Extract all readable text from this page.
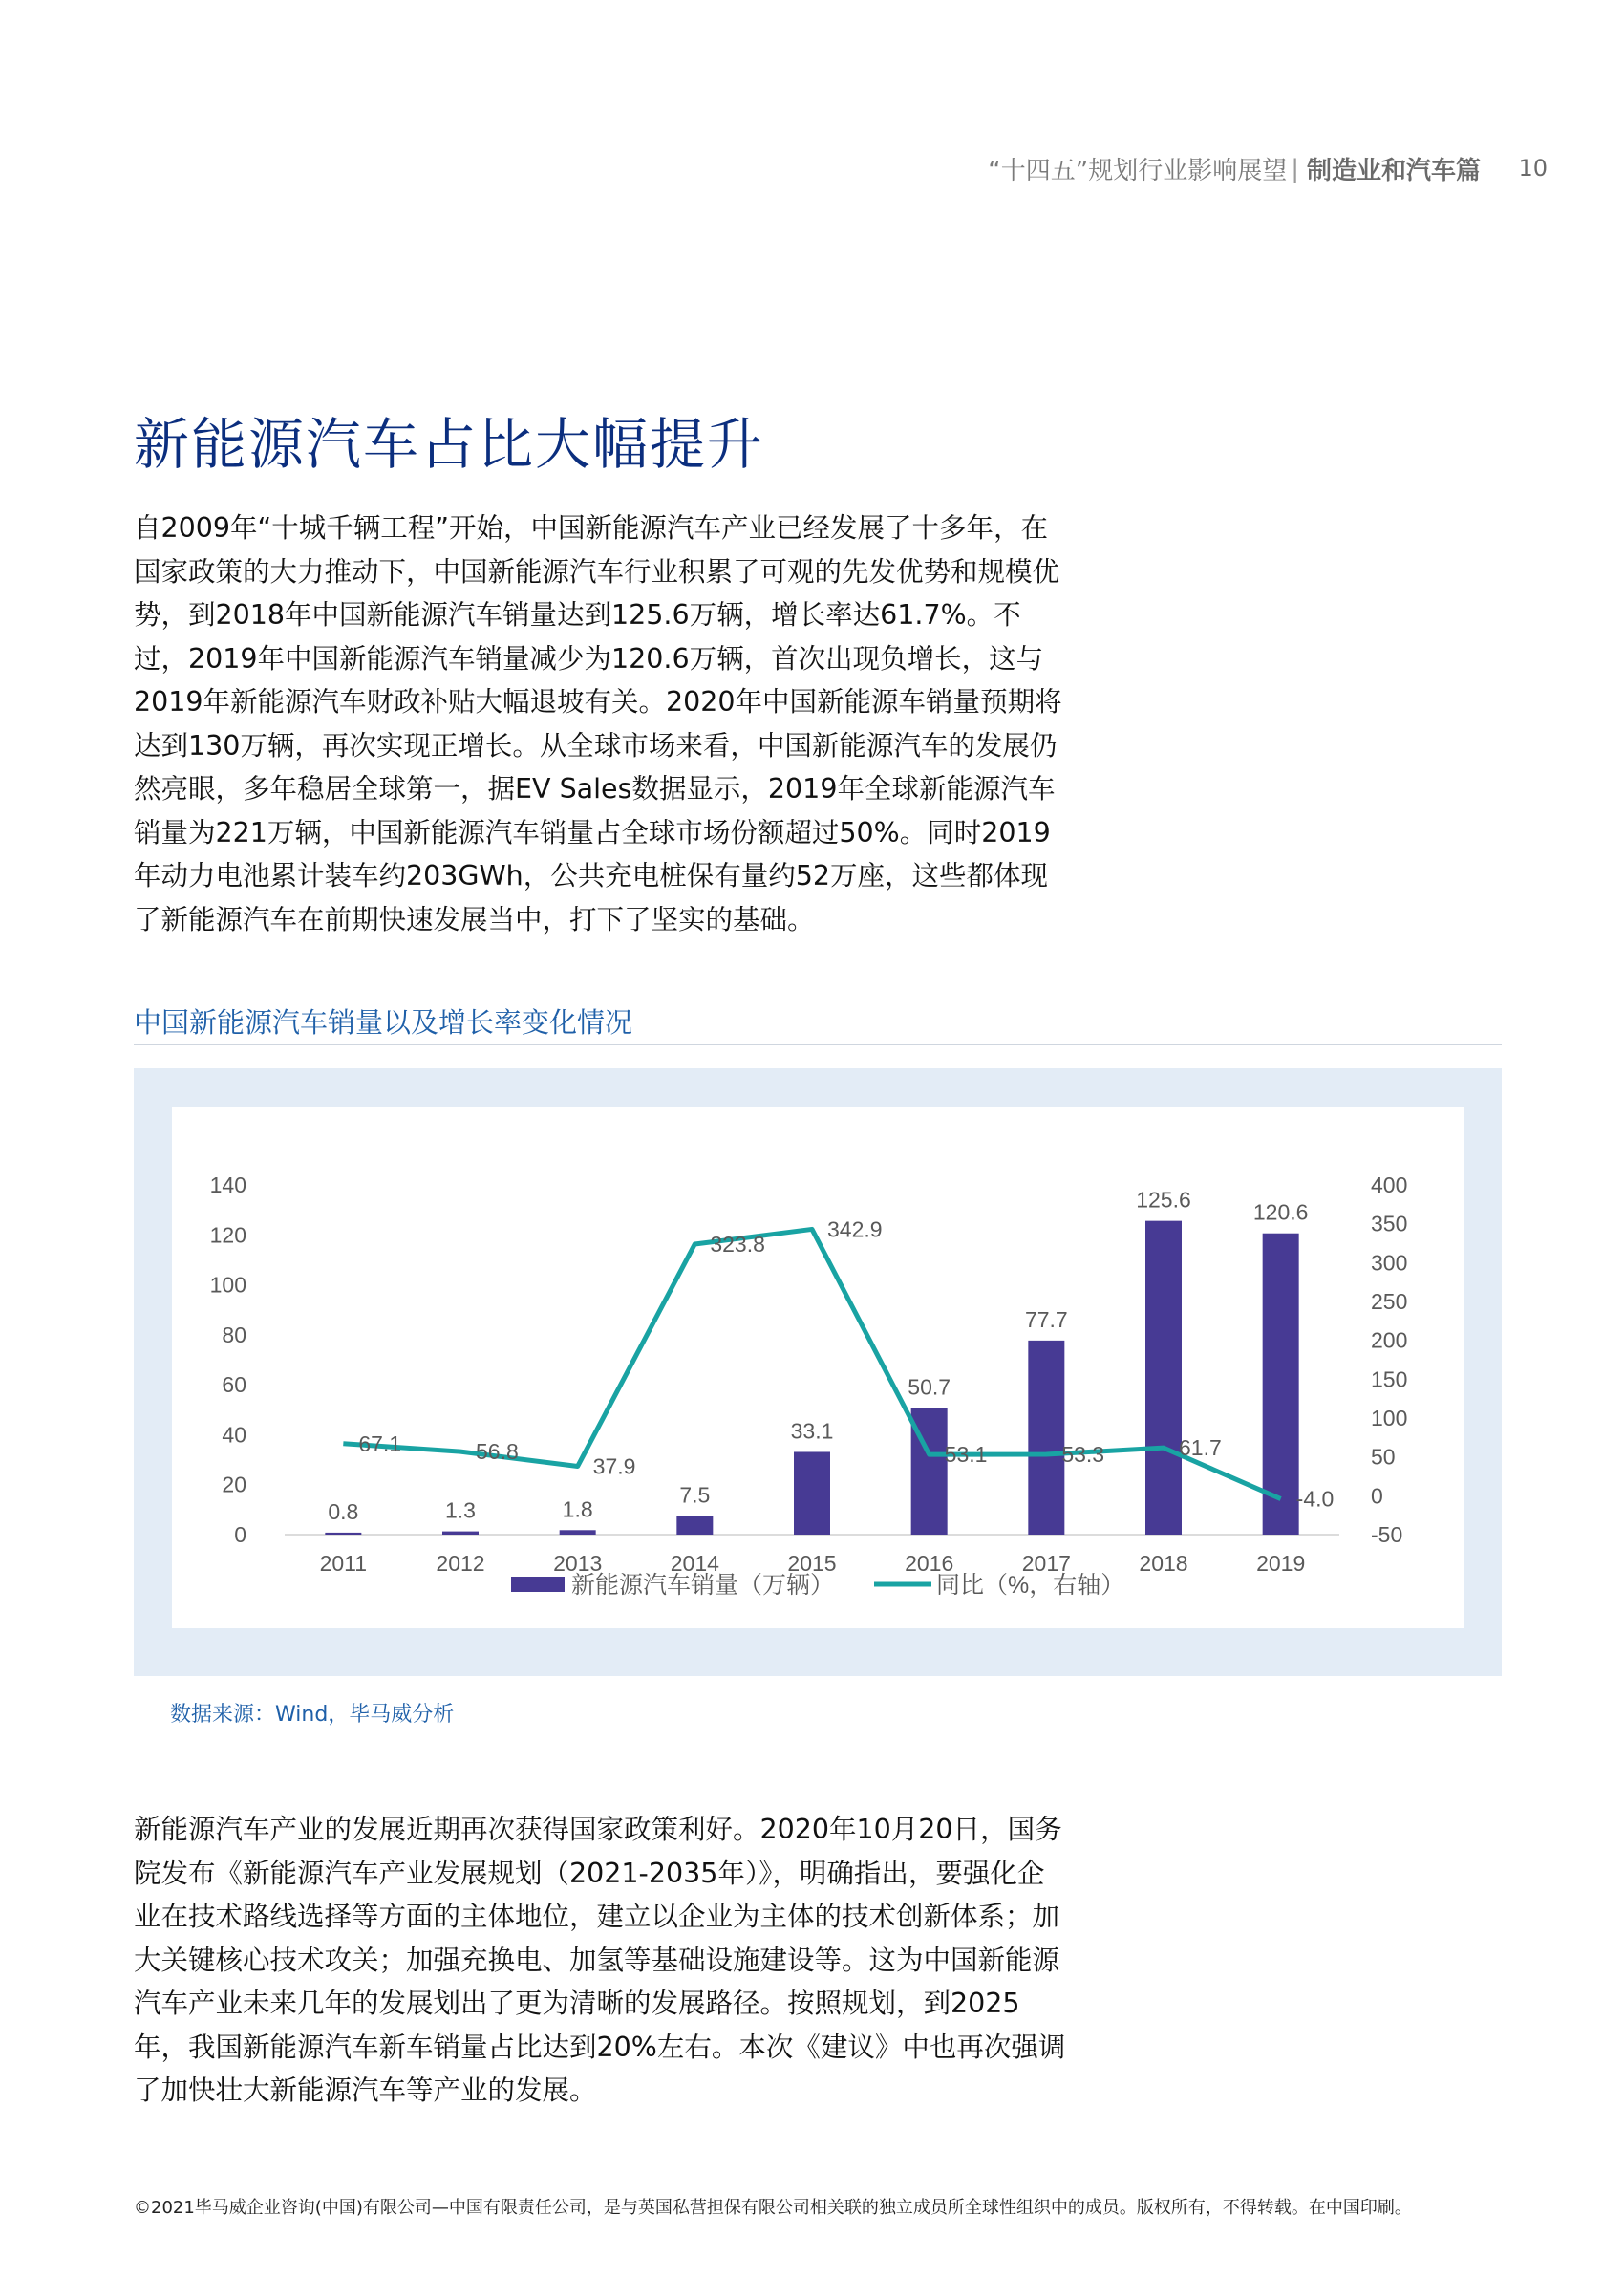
“十四五”规划行业影响展望 | 制造业和汽车篇 10
新能源汽车占比大幅提升

自2009年“十城千辆工程”开始，中国新能源汽车产业已经发展了十多年，在国家政策的大力推动下，中国新能源汽车行业积累了可观的先发优势和规模优势，到2018年中国新能源汽车销量达到125.6万辆，增长率达61.7%。不过，2019年中国新能源汽车销量减少为120.6万辆，首次出现负增长，这与2019年新能源汽车财政补贴大幅退坡有关。2020年中国新能源车销量预期将达到130万辆，再次实现正增长。从全球市场来看，中国新能源汽车的发展仍然亮眼，多年稳居全球第一，据EV Sales数据显示，2019年全球新能源汽车销量为221万辆，中国新能源汽车销量占全球市场份额超过50%。同时2019年动力电池累计装车约203GWh，公共充电桩保有量约52万座，这些都体现了新能源汽车在前期快速发展当中，打下了坚实的基础。

中国新能源汽车销量以及增长率变化情况
0
20
40
60
80
100
120
140
-50
0
50
100
150
200
250
300
350
400
0.8
2011
1.3
2012
1.8
2013
7.5
2014
33.1
2015
50.7
2016
77.7
2017
125.6
2018
120.6
2019
67.1	56.8
37.9
323.8
342.9
53.1	53.3	61.7
-4.0
新能源汽车销量（万辆）	同比（%，右轴）
数据来源：Wind，毕马威分析

新能源汽车产业的发展近期再次获得国家政策利好。2020年10月20日，国务院发布《新能源汽车产业发展规划（2021-2035年）》，明确指出，要强化企业在技术路线选择等方面的主体地位，建立以企业为主体的技术创新体系；加大关键核心技术攻关；加强充换电、加氢等基础设施建设等。这为中国新能源汽车产业未来几年的发展划出了更为清晰的发展路径。按照规划，到2025年，我国新能源汽车新车销量占比达到20%左右。本次《建议》中也再次强调了加快壮大新能源汽车等产业的发展。

©2021毕马威企业咨询(中国)有限公司—中国有限责任公司，是与英国私营担保有限公司相关联的独立成员所全球性组织中的成员。版权所有，不得转载。在中国印刷。
